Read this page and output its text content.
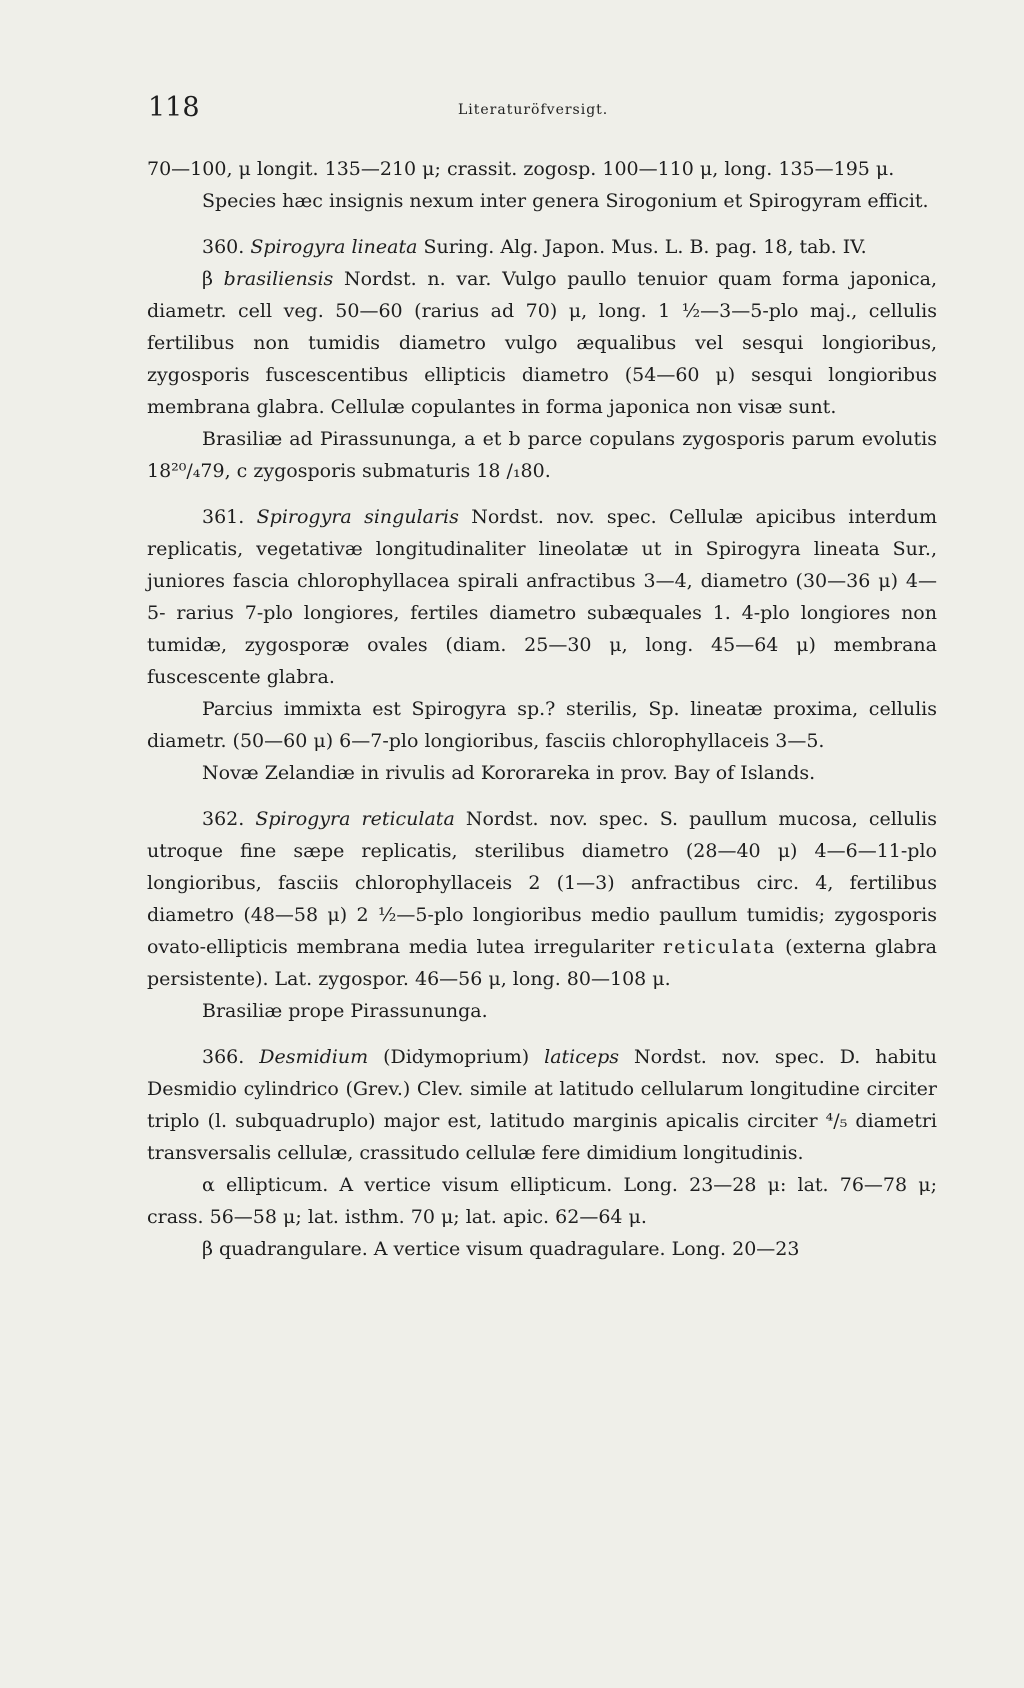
118	Literaturöfversigt.

70—100, μ longit. 135—210 μ; crassit. zogosp. 100—110 μ, long. 135—195 μ.

Species hæc insignis nexum inter genera Sirogonium et Spirogyram efficit.

360. Spirogyra lineata Suring. Alg. Japon. Mus. L. B. pag. 18, tab. IV.

β brasiliensis Nordst. n. var. Vulgo paullo tenuior quam forma japonica, diametr. cell veg. 50—60 (rarius ad 70) μ, long. 1 ½—3—5-plo maj., cellulis fertilibus non tumidis diametro vulgo æqualibus vel sesqui longioribus, zygosporis fuscescentibus ellipticis diametro (54—60 μ) sesqui longioribus membrana glabra. Cellulæ copulantes in forma japonica non visæ sunt.

Brasiliæ ad Pirassununga, a et b parce copulans zygosporis parum evolutis 18²⁰/₄79, c zygosporis submaturis 18 /₁80.

361. Spirogyra singularis Nordst. nov. spec. Cellulæ apicibus interdum replicatis, vegetativæ longitudinaliter lineolatæ ut in Spirogyra lineata Sur., juniores fascia chlorophyllacea spirali anfractibus 3—4, diametro (30—36 μ) 4—5- rarius 7-plo longiores, fertiles diametro subæquales 1. 4-plo longiores non tumidæ, zygosporæ ovales (diam. 25—30 μ, long. 45—64 μ) membrana fuscescente glabra.

Parcius immixta est Spirogyra sp.? sterilis, Sp. lineatæ proxima, cellulis diametr. (50—60 μ) 6—7-plo longioribus, fasciis chlorophyllaceis 3—5.

Novæ Zelandiæ in rivulis ad Kororareka in prov. Bay of Islands.

362. Spirogyra reticulata Nordst. nov. spec. S. paullum mucosa, cellulis utroque fine sæpe replicatis, sterilibus diametro (28—40 μ) 4—6—11-plo longioribus, fasciis chlorophyllaceis 2 (1—3) anfractibus circ. 4, fertilibus diametro (48—58 μ) 2 ½—5-plo longioribus medio paullum tumidis; zygosporis ovato-ellipticis membrana media lutea irregulariter reticulata (externa glabra persistente). Lat. zygospor. 46—56 μ, long. 80—108 μ.

Brasiliæ prope Pirassununga.

366. Desmidium (Didymoprium) laticeps Nordst. nov. spec. D. habitu Desmidio cylindrico (Grev.) Clev. simile at latitudo cellularum longitudine circiter triplo (l. subquadruplo) major est, latitudo marginis apicalis circiter ⁴/₅ diametri transversalis cellulæ, crassitudo cellulæ fere dimidium longitudinis.

α ellipticum. A vertice visum ellipticum. Long. 23—28 μ: lat. 76—78 μ; crass. 56—58 μ; lat. isthm. 70 μ; lat. apic. 62—64 μ.

β quadrangulare. A vertice visum quadragulare. Long. 20—23
